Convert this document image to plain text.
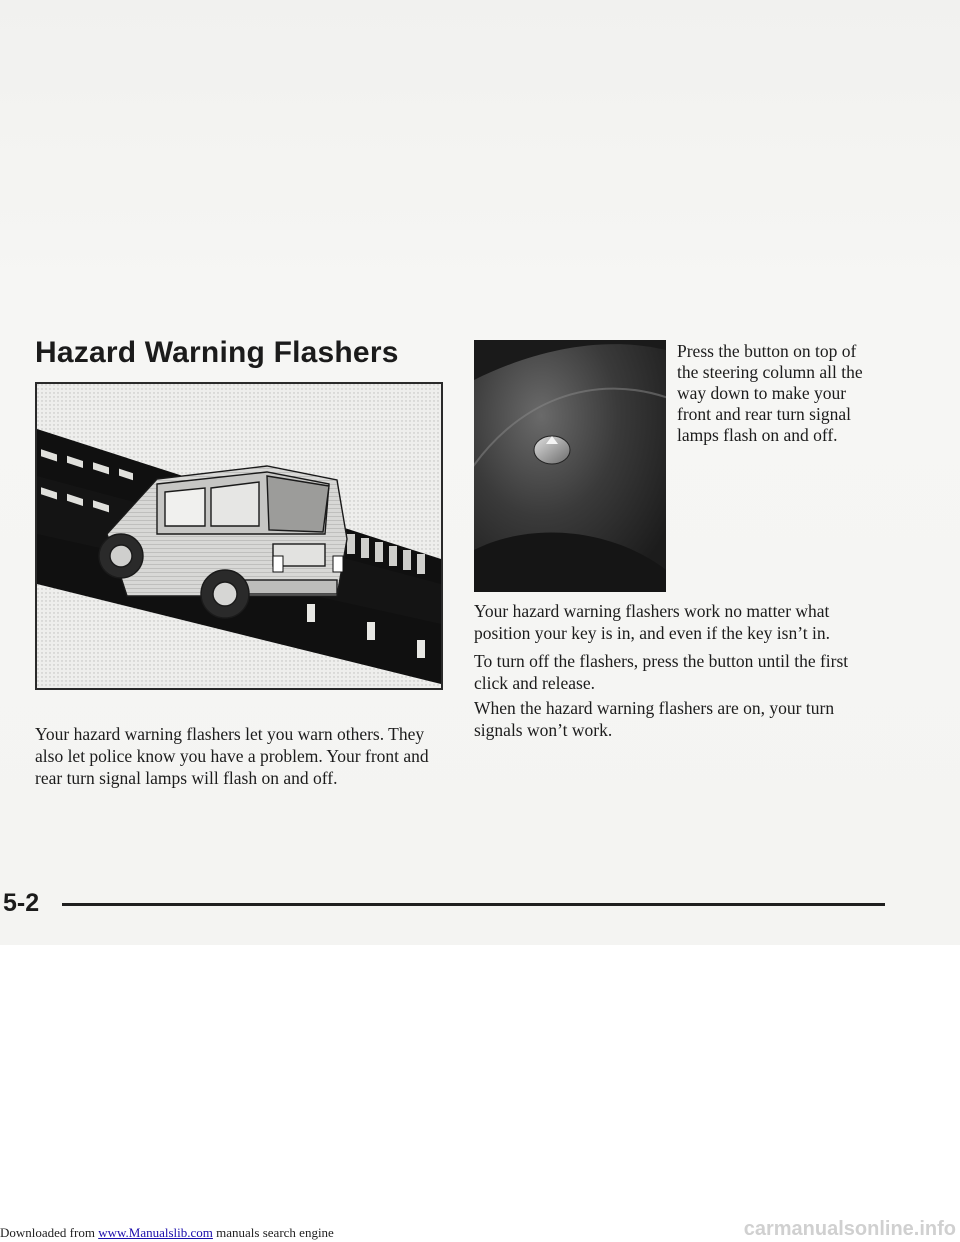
Hazard Warning Flashers	Press the button on top of the steering column all the way down to make your front and rear turn signal lamps flash on and off.
Your hazard warning flashers work no matter what position your key is in, and even if the key isn’t in.
To turn off the flashers, press the button until the first click and release.
When the hazard warning flashers are on, your turn signals won’t work.
Your hazard warning flashers let you warn others. They also let police know you have a problem. Your front and rear turn signal lamps will flash on and off.
5-2
Downloaded from www.Manualslib.com manuals search engine	carmanualsonline.info
